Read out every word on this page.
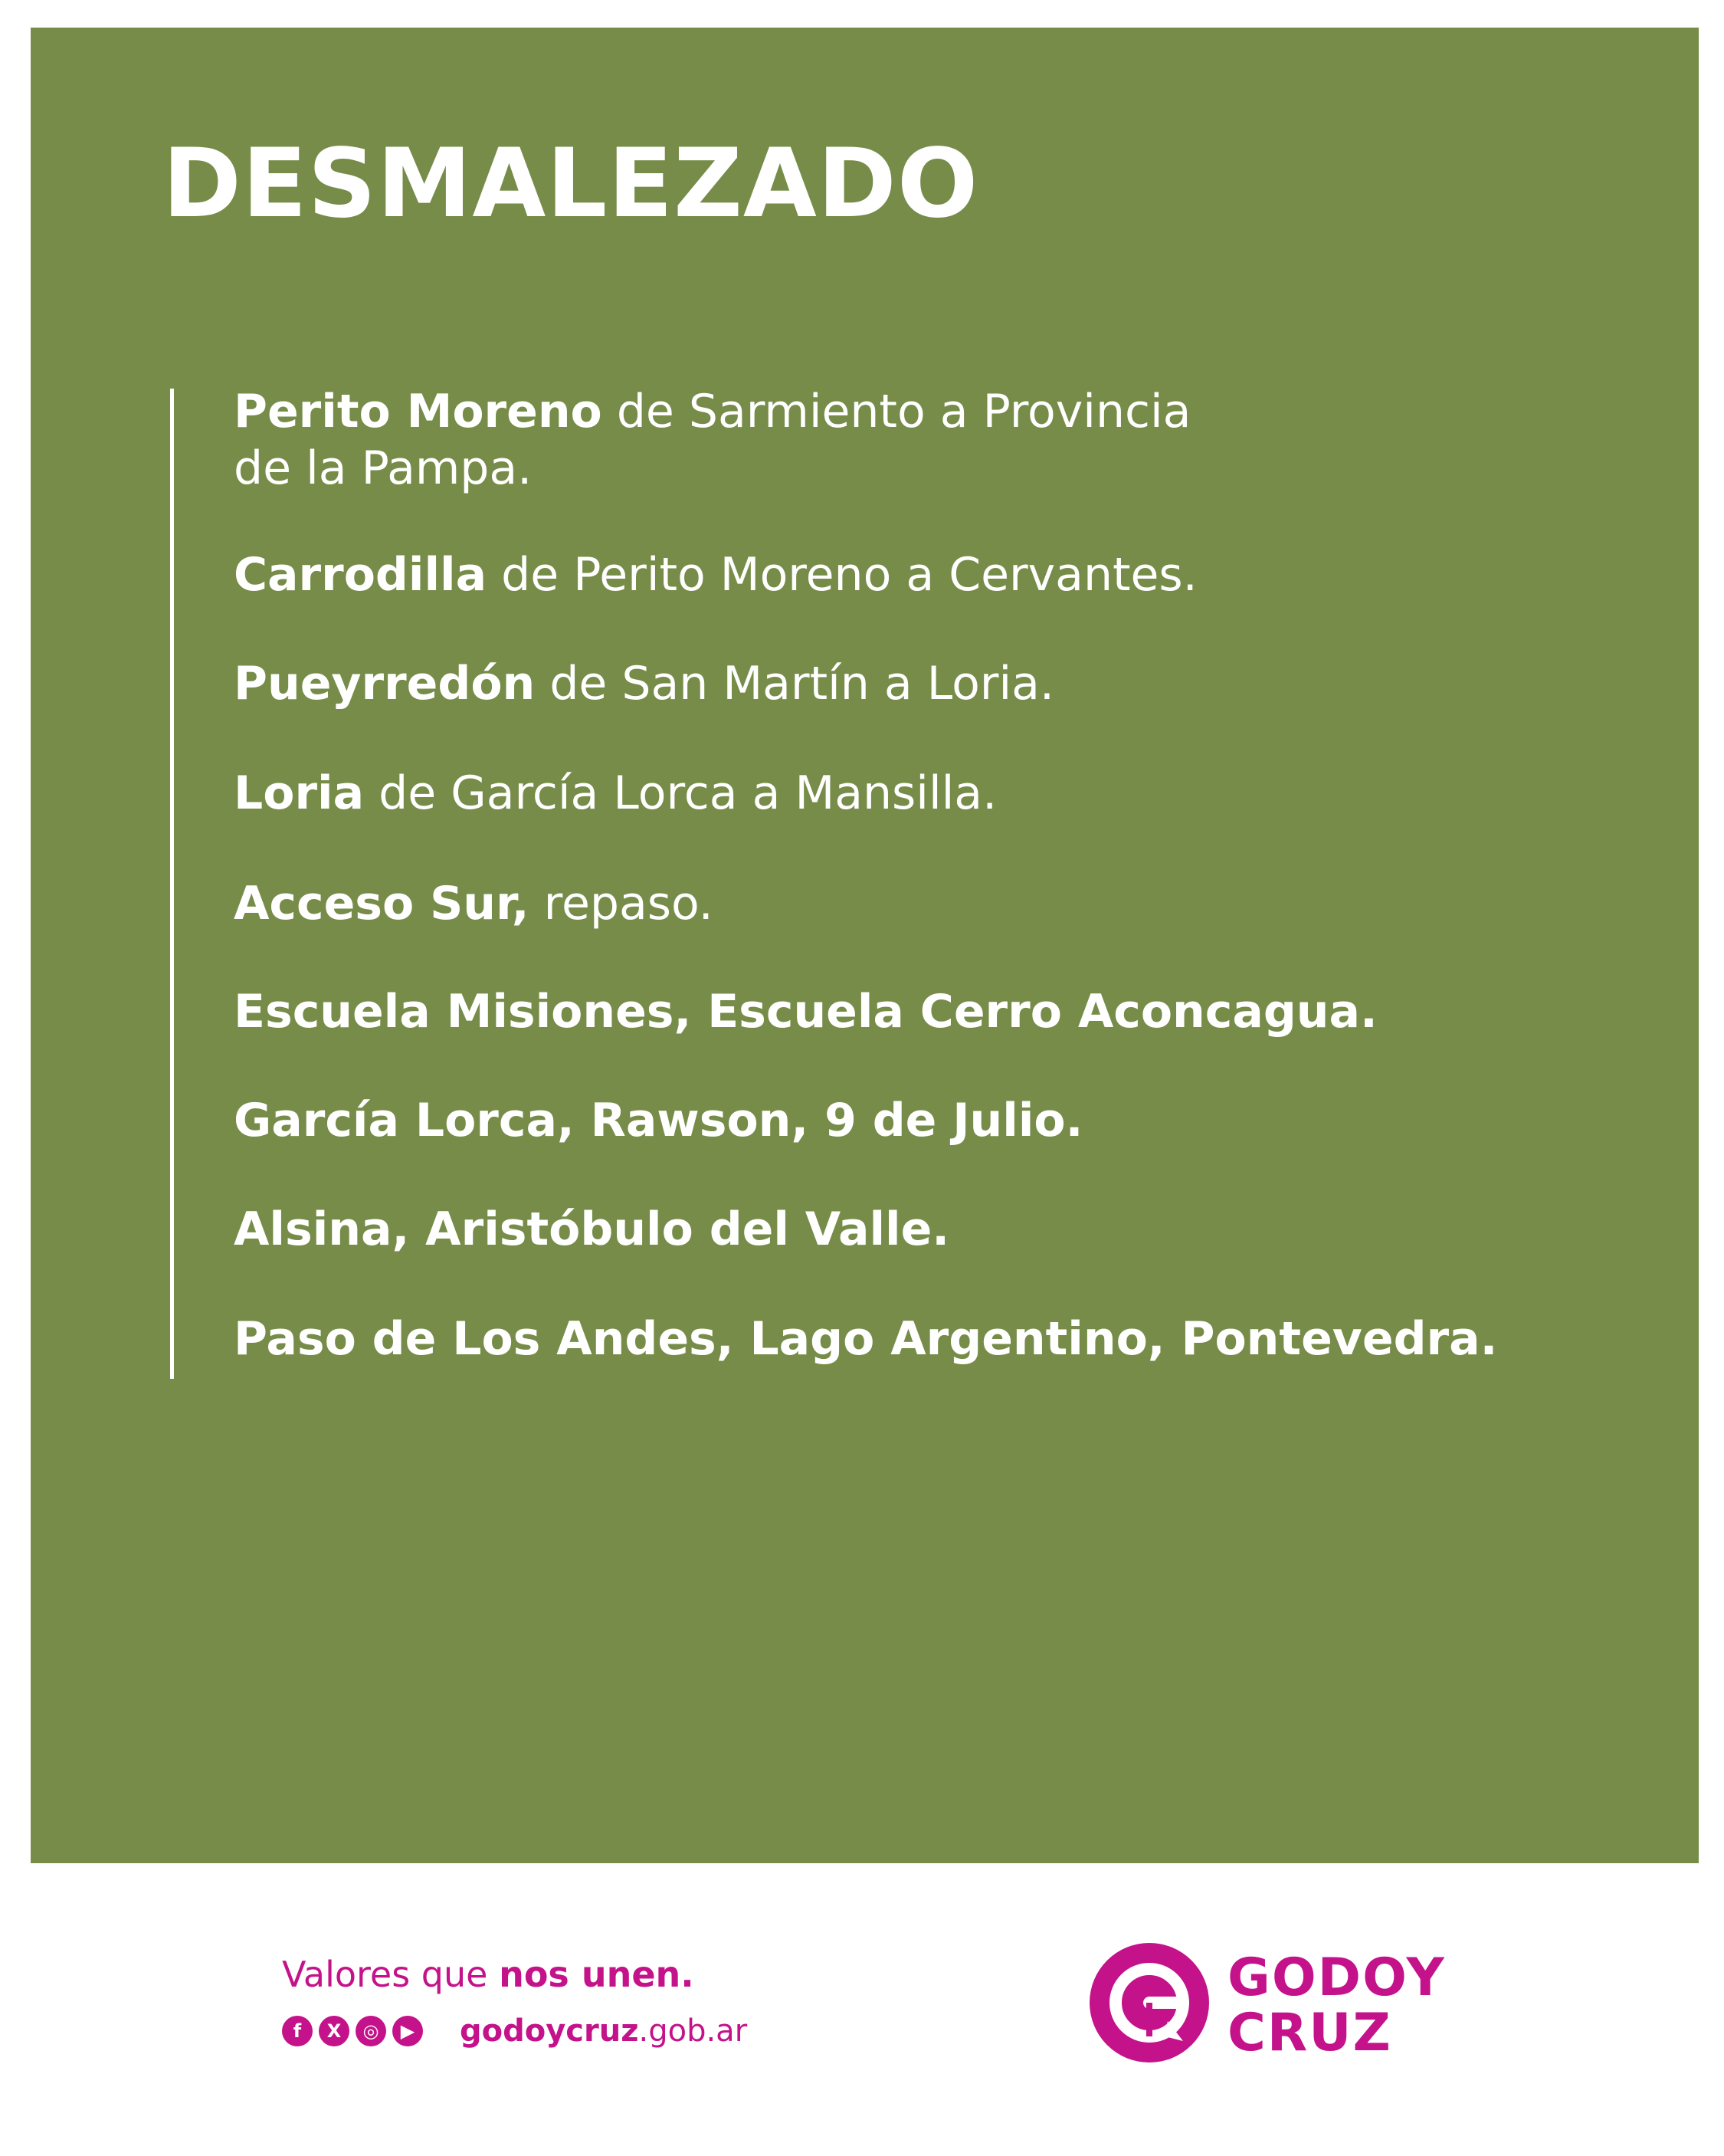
DESMALEZADO
Perito Moreno de Sarmiento a Provincia
de la Pampa.
Carrodilla de Perito Moreno a Cervantes.
Pueyrredón de San Martín a Loria.
Loria de García Lorca a Mansilla.
Acceso Sur, repaso.
Escuela Misiones, Escuela Cerro Aconcagua.
García Lorca, Rawson, 9 de Julio.
Alsina, Aristóbulo del Valle.
Paso de Los Andes, Lago Argentino, Pontevedra.
Valores que nos unen.
f	X	◎	▶ godoycruz.gob.ar
GODOY
CRUZ
